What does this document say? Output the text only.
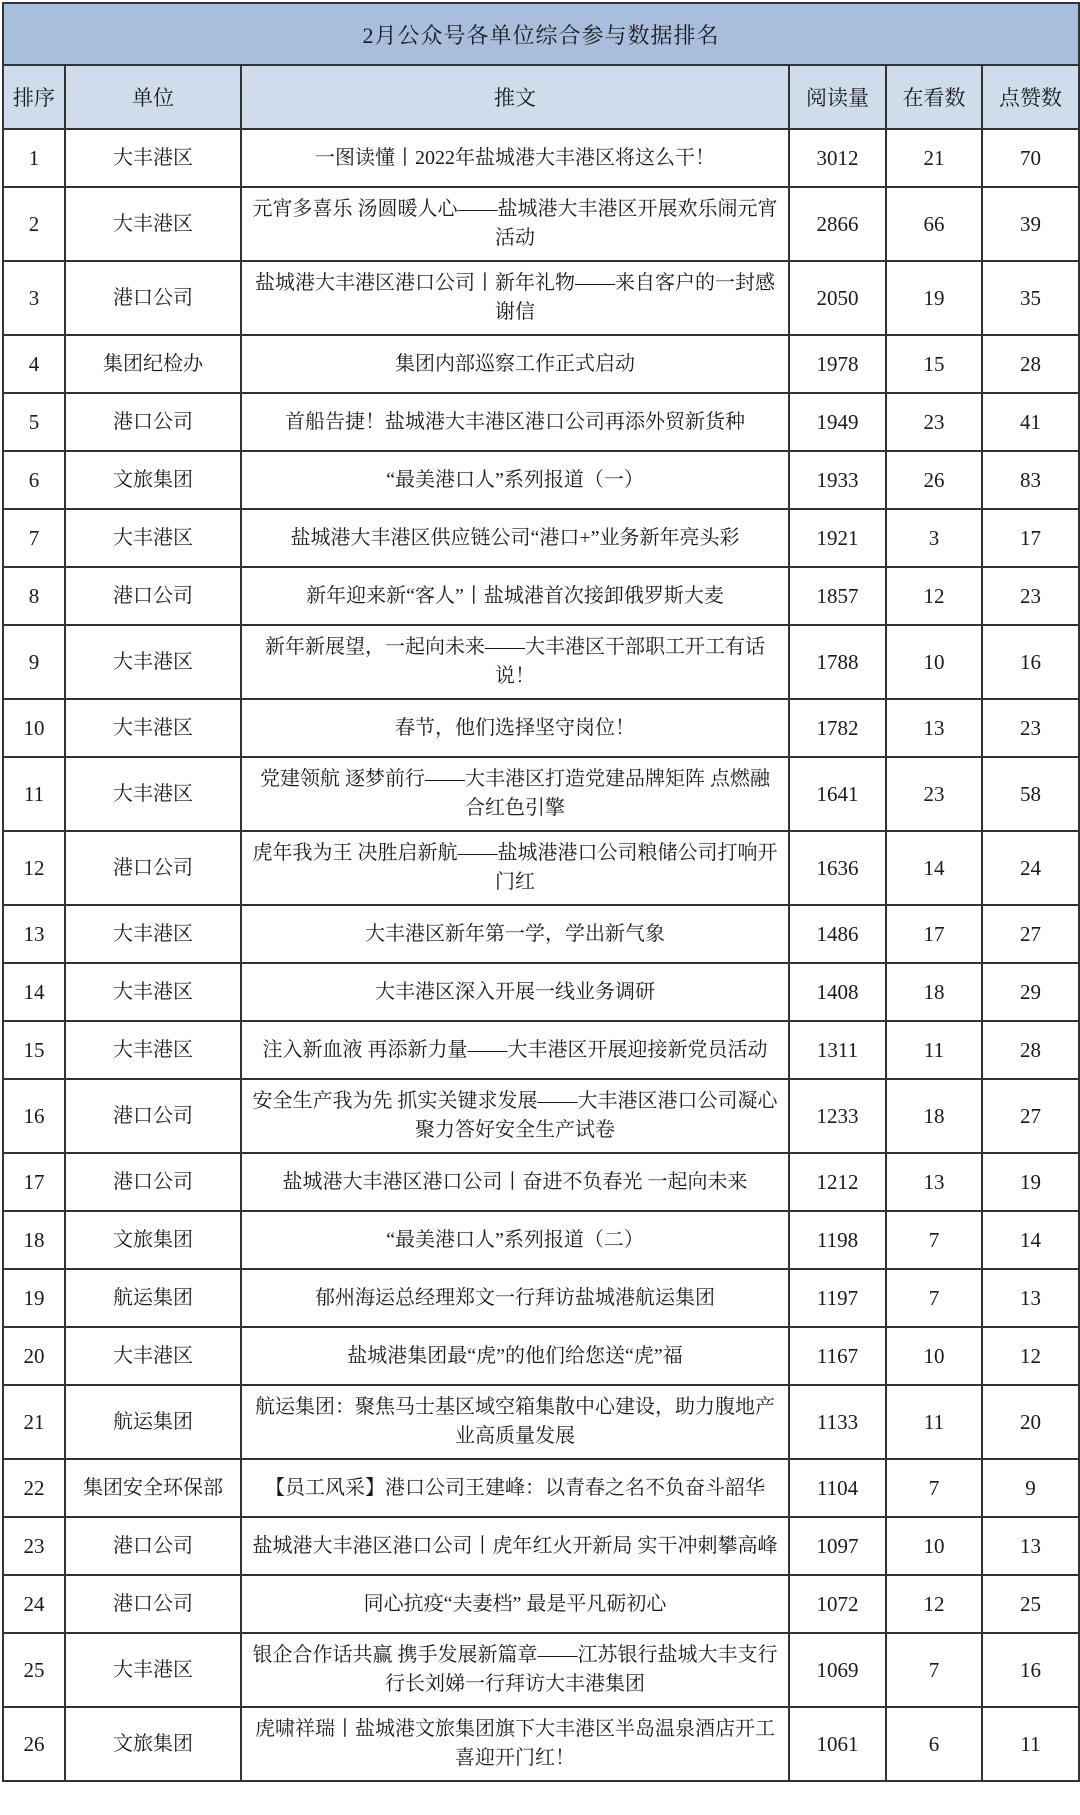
2月公众号各单位综合参与数据排名					
排序	单位	推文	阅读量	在看数	点赞数
1	大丰港区	一图读懂丨2022年盐城港大丰港区将这么干！	3012	21	70
2	大丰港区	元宵多喜乐 汤圆暖人心——盐城港大丰港区开展欢乐闹元宵活动	2866	66	39
3	港口公司	盐城港大丰港区港口公司丨新年礼物——来自客户的一封感谢信	2050	19	35
4	集团纪检办	集团内部巡察工作正式启动	1978	15	28
5	港口公司	首船告捷！盐城港大丰港区港口公司再添外贸新货种	1949	23	41
6	文旅集团	“最美港口人”系列报道（一）	1933	26	83
7	大丰港区	盐城港大丰港区供应链公司“港口+”业务新年亮头彩	1921	3	17
8	港口公司	新年迎来新“客人”丨盐城港首次接卸俄罗斯大麦	1857	12	23
9	大丰港区	新年新展望，一起向未来——大丰港区干部职工开工有话说！	1788	10	16
10	大丰港区	春节，他们选择坚守岗位！	1782	13	23
11	大丰港区	党建领航 逐梦前行——大丰港区打造党建品牌矩阵 点燃融合红色引擎	1641	23	58
12	港口公司	虎年我为王 决胜启新航——盐城港港口公司粮储公司打响开门红	1636	14	24
13	大丰港区	大丰港区新年第一学，学出新气象	1486	17	27
14	大丰港区	大丰港区深入开展一线业务调研	1408	18	29
15	大丰港区	注入新血液 再添新力量——大丰港区开展迎接新党员活动	1311	11	28
16	港口公司	安全生产我为先 抓实关键求发展——大丰港区港口公司凝心聚力答好安全生产试卷	1233	18	27
17	港口公司	盐城港大丰港区港口公司丨奋进不负春光 一起向未来	1212	13	19
18	文旅集团	“最美港口人”系列报道（二）	1198	7	14
19	航运集团	郁州海运总经理郑文一行拜访盐城港航运集团	1197	7	13
20	大丰港区	盐城港集团最“虎”的他们给您送“虎”福	1167	10	12
21	航运集团	航运集团：聚焦马士基区域空箱集散中心建设，助力腹地产业高质量发展	1133	11	20
22	集团安全环保部	【员工风采】港口公司王建峰：以青春之名不负奋斗韶华	1104	7	9
23	港口公司	盐城港大丰港区港口公司丨虎年红火开新局 实干冲刺攀高峰	1097	10	13
24	港口公司	同心抗疫“夫妻档” 最是平凡砺初心	1072	12	25
25	大丰港区	银企合作话共赢 携手发展新篇章——江苏银行盐城大丰支行行长刘娣一行拜访大丰港集团	1069	7	16
26	文旅集团	虎啸祥瑞丨盐城港文旅集团旗下大丰港区半岛温泉酒店开工喜迎开门红！	1061	6	11
